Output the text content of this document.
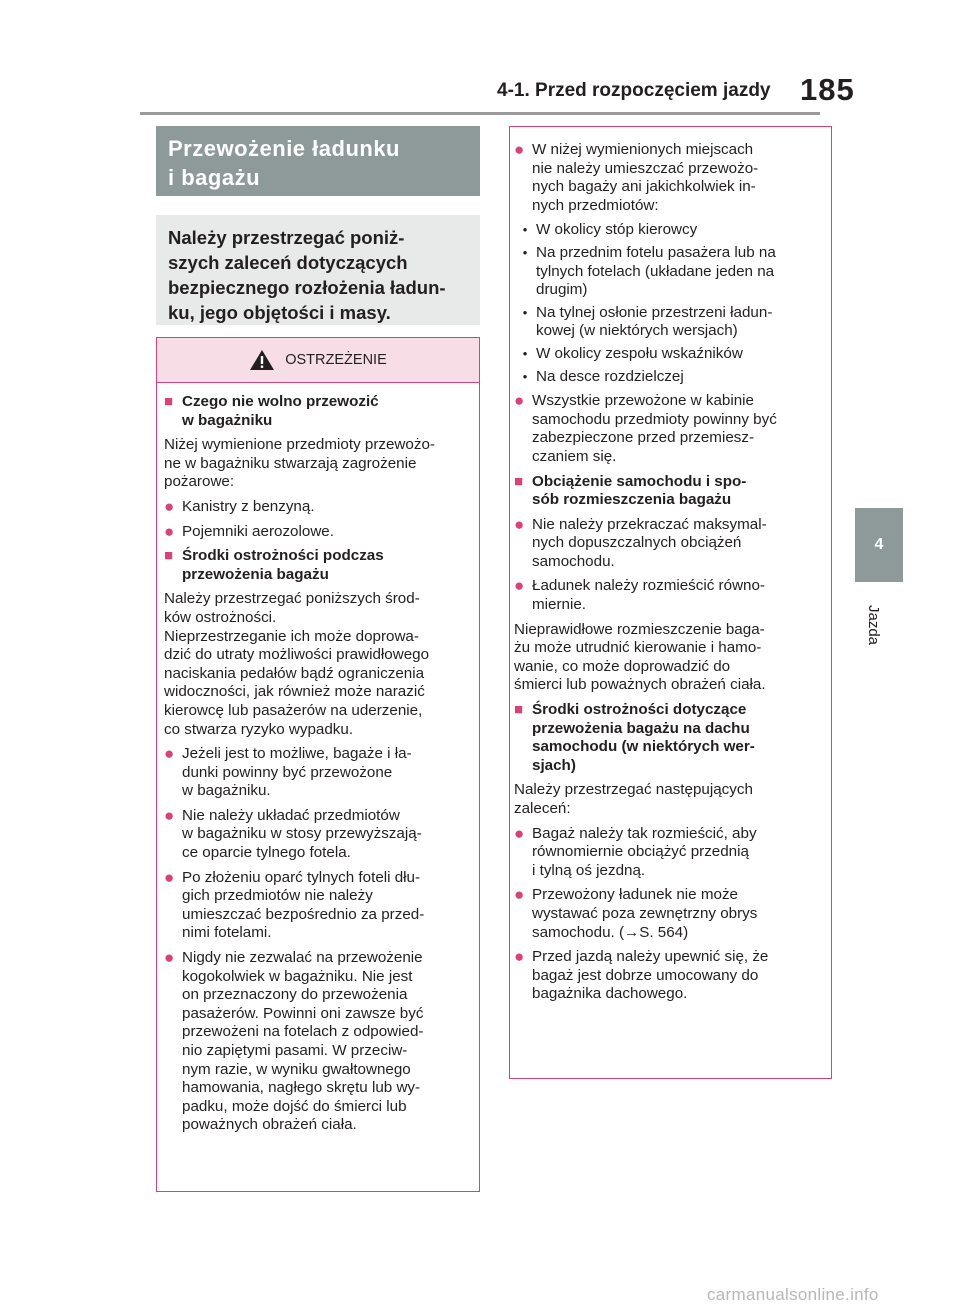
4-1. Przed rozpoczęciem jazdy 185
4
Jazda
Przewożenie ładunku
i bagażu
Należy przestrzegać poniż-
szych zaleceń dotyczących
bezpiecznego rozłożenia ładun-
ku, jego objętości i masy.
OSTRZEŻENIE
■ Czego nie wolno przewozić
w bagażniku
Niżej wymienione przedmioty przewożo-
ne w bagażniku stwarzają zagrożenie
pożarowe:
● Kanistry z benzyną.
● Pojemniki aerozolowe.
■ Środki ostrożności podczas
przewożenia bagażu
Należy przestrzegać poniższych środ-
ków ostrożności.
Nieprzestrzeganie ich może doprowa-
dzić do utraty możliwości prawidłowego
naciskania pedałów bądź ograniczenia
widoczności, jak również może narazić
kierowcę lub pasażerów na uderzenie,
co stwarza ryzyko wypadku.
● Jeżeli jest to możliwe, bagaże i ła-
dunki powinny być przewożone
w bagażniku.
● Nie należy układać przedmiotów
w bagażniku w stosy przewyższają-
ce oparcie tylnego fotela.
● Po złożeniu oparć tylnych foteli dłu-
gich przedmiotów nie należy
umieszczać bezpośrednio za przed-
nimi fotelami.
● Nigdy nie zezwalać na przewożenie
kogokolwiek w bagażniku. Nie jest
on przeznaczony do przewożenia
pasażerów. Powinni oni zawsze być
przewożeni na fotelach z odpowied-
nio zapiętymi pasami. W przeciw-
nym razie, w wyniku gwałtownego
hamowania, nagłego skrętu lub wy-
padku, może dojść do śmierci lub
poważnych obrażeń ciała.
● W niżej wymienionych miejscach
nie należy umieszczać przewożo-
nych bagaży ani jakichkolwiek in-
nych przedmiotów:
• W okolicy stóp kierowcy
• Na przednim fotelu pasażera lub na
tylnych fotelach (układane jeden na
drugim)
• Na tylnej osłonie przestrzeni ładun-
kowej (w niektórych wersjach)
• W okolicy zespołu wskaźników
• Na desce rozdzielczej
● Wszystkie przewożone w kabinie
samochodu przedmioty powinny być
zabezpieczone przed przemiesz-
czaniem się.
■ Obciążenie samochodu i spo-
sób rozmieszczenia bagażu
● Nie należy przekraczać maksymal-
nych dopuszczalnych obciążeń
samochodu.
● Ładunek należy rozmieścić równo-
miernie.
Nieprawidłowe rozmieszczenie baga-
żu może utrudnić kierowanie i hamo-
wanie, co może doprowadzić do
śmierci lub poważnych obrażeń ciała.
■ Środki ostrożności dotyczące
przewożenia bagażu na dachu
samochodu (w niektórych wer-
sjach)
Należy przestrzegać następujących
zaleceń:
● Bagaż należy tak rozmieścić, aby
równomiernie obciążyć przednią
i tylną oś jezdną.
● Przewożony ładunek nie może
wystawać poza zewnętrzny obrys
samochodu. (→S. 564)
● Przed jazdą należy upewnić się, że
bagaż jest dobrze umocowany do
bagażnika dachowego.
carmanualsonline.info
